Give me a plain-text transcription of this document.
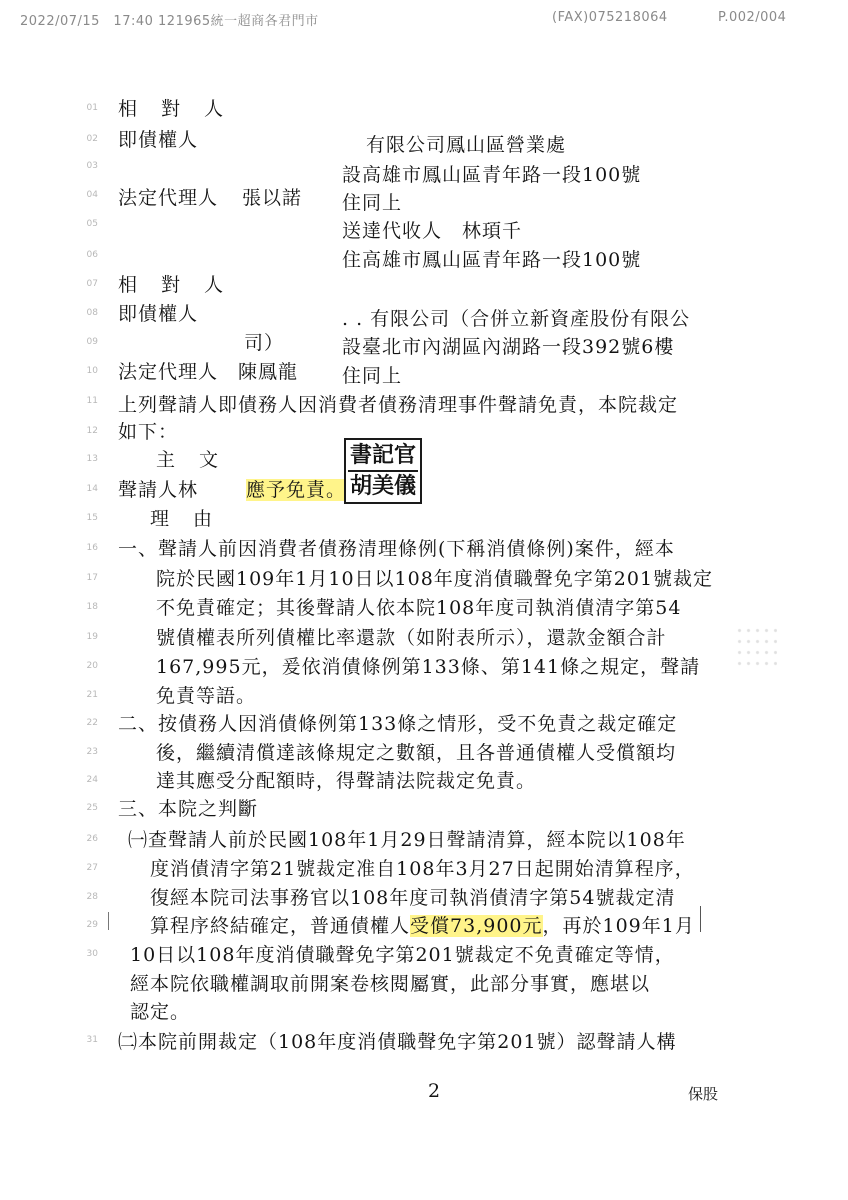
2022/07/15　17:40 121965統一超商各君門市	(FAX)075218064	P.002/004
01
02
03
04
05
06
07
08
09
10
11
12
13
14
15
16
17
18
19
20
21
22
23
24
25
26
27
28
29
30
31
相對人
即債權人	有限公司鳳山區營業處
設高雄市鳳山區青年路一段100號
法定代理人 張以諾 住同上
送達代收人　林頊千
住高雄市鳳山區青年路一段100號
相對人
即債權人	. . 有限公司（合併立新資產股份有限公
司）	設臺北市內湖區內湖路一段392號6樓
法定代理人 陳鳳龍 住同上
上列聲請人即債務人因消費者債務清理事件聲請免責，本院裁定
如下：
主文
聲請人林	應予免責。
書記官
胡美儀
理由
一、聲請人前因消費者債務清理條例(下稱消債條例)案件，經本
院於民國109年1月10日以108年度消債職聲免字第201號裁定
不免責確定；其後聲請人依本院108年度司執消債清字第54
號債權表所列債權比率還款（如附表所示），還款金額合計
167,995元，爰依消債條例第133條、第141條之規定，聲請
免責等語。
二、按債務人因消債條例第133條之情形，受不免責之裁定確定
後，繼續清償達該條規定之數額，且各普通債權人受償額均
達其應受分配額時，得聲請法院裁定免責。
三、本院之判斷
㈠查聲請人前於民國108年1月29日聲請清算，經本院以108年
度消債清字第21號裁定准自108年3月27日起開始清算程序，
復經本院司法事務官以108年度司執消債清字第54號裁定清
算程序終結確定，普通債權人受償73,900元，再於109年1月
10日以108年度消債職聲免字第201號裁定不免責確定等情，
經本院依職權調取前開案卷核閱屬實，此部分事實，應堪以
認定。
㈡本院前開裁定（108年度消債職聲免字第201號）認聲請人構
2	保股
